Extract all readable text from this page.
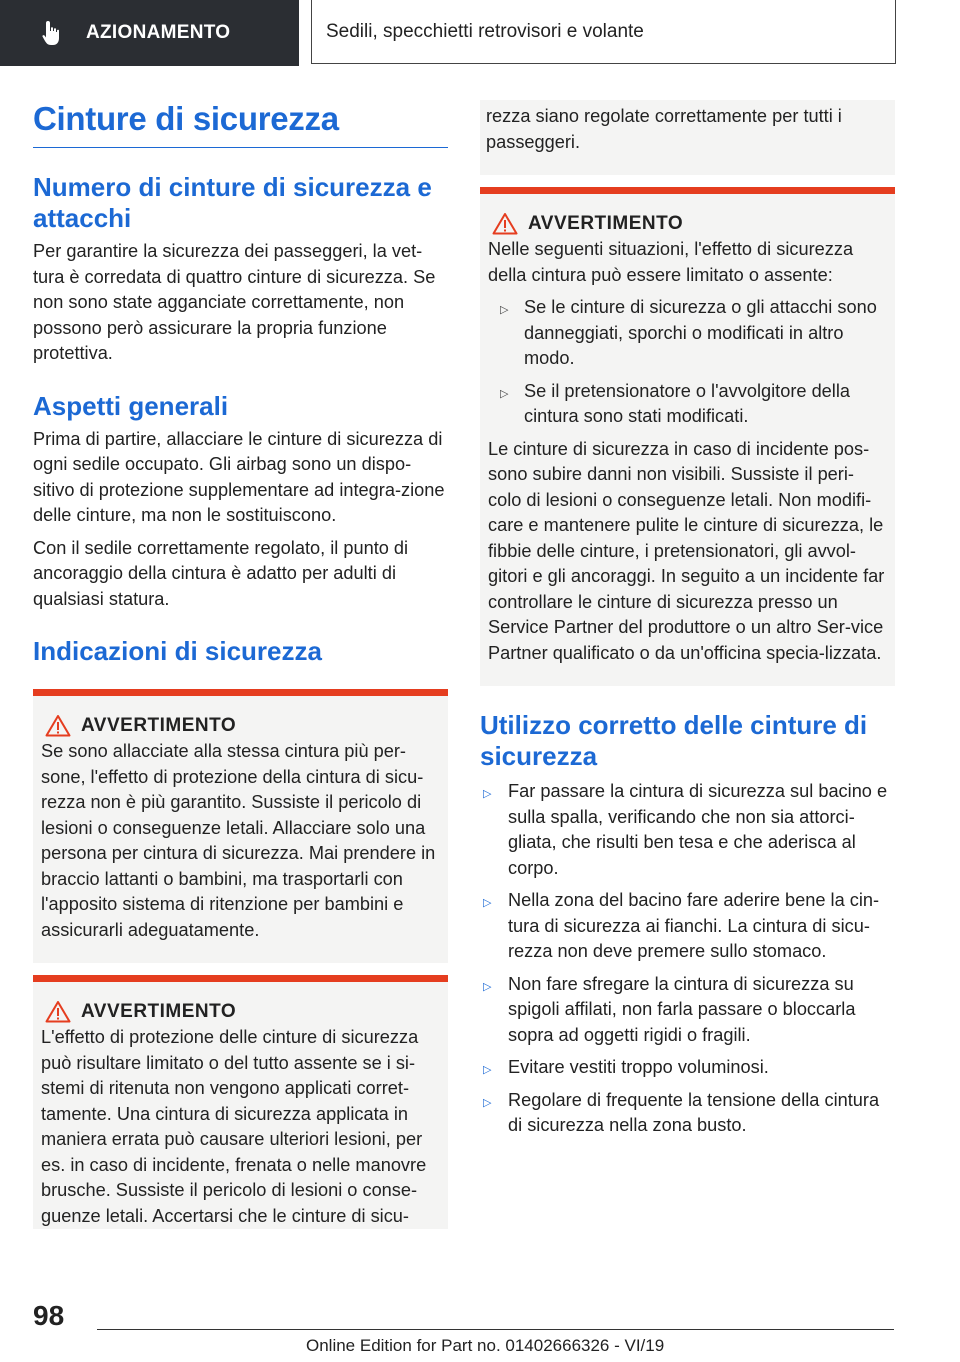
AZIONAMENTO	Sedili, specchietti retrovisori e volante
Cinture di sicurezza
Numero di cinture di sicurezza e attacchi

Per garantire la sicurezza dei passeggeri, la vet-tura è corredata di quattro cinture di sicurezza. Se non sono state agganciate correttamente, non possono però assicurare la propria funzione protettiva.

Aspetti generali

Prima di partire, allacciare le cinture di sicurezza di ogni sedile occupato. Gli airbag sono un dispo-sitivo di protezione supplementare ad integra-zione delle cinture, ma non le sostituiscono.

Con il sedile correttamente regolato, il punto di ancoraggio della cintura è adatto per adulti di qualsiasi statura.

Indicazioni di sicurezza
AVVERTIMENTO

Se sono allacciate alla stessa cintura più per-sone, l'effetto di protezione della cintura di sicu-rezza non è più garantito. Sussiste il pericolo di lesioni o conseguenze letali. Allacciare solo una persona per cintura di sicurezza. Mai prendere in braccio lattanti o bambini, ma trasportarli con l'apposito sistema di ritenzione per bambini e assicurarli adeguatamente.

AVVERTIMENTO

L'effetto di protezione delle cinture di sicurezza può risultare limitato o del tutto assente se i si-stemi di ritenuta non vengono applicati corret-tamente. Una cintura di sicurezza applicata in maniera errata può causare ulteriori lesioni, per es. in caso di incidente, frenata o nelle manovre brusche. Sussiste il pericolo di lesioni o conse-guenze letali. Accertarsi che le cinture di sicu-

rezza siano regolate correttamente per tutti i passeggeri.

AVVERTIMENTO

Nelle seguenti situazioni, l'effetto di sicurezza della cintura può essere limitato o assente:

▷ Se le cinture di sicurezza o gli attacchi sono danneggiati, sporchi o modificati in altro modo.
▷ Se il pretensionatore o l'avvolgitore della cintura sono stati modificati.

Le cinture di sicurezza in caso di incidente pos-sono subire danni non visibili. Sussiste il peri-colo di lesioni o conseguenze letali. Non modifi-care e mantenere pulite le cinture di sicurezza, le fibbie delle cinture, i pretensionatori, gli avvol-gitori e gli ancoraggi. In seguito a un incidente far controllare le cinture di sicurezza presso un Service Partner del produttore o un altro Ser-vice Partner qualificato o da un'officina specia-lizzata.

Utilizzo corretto delle cinture di sicurezza
▷ Far passare la cintura di sicurezza sul bacino e sulla spalla, verificando che non sia attorci-gliata, che risulti ben tesa e che aderisca al corpo.
▷ Nella zona del bacino fare aderire bene la cin-tura di sicurezza ai fianchi. La cintura di sicu-rezza non deve premere sullo stomaco.
▷ Non fare sfregare la cintura di sicurezza su spigoli affilati, non farla passare o bloccarla sopra ad oggetti rigidi o fragili.
▷ Evitare vestiti troppo voluminosi.
▷ Regolare di frequente la tensione della cintura di sicurezza nella zona busto.
98
Online Edition for Part no. 01402666326 - VI/19
